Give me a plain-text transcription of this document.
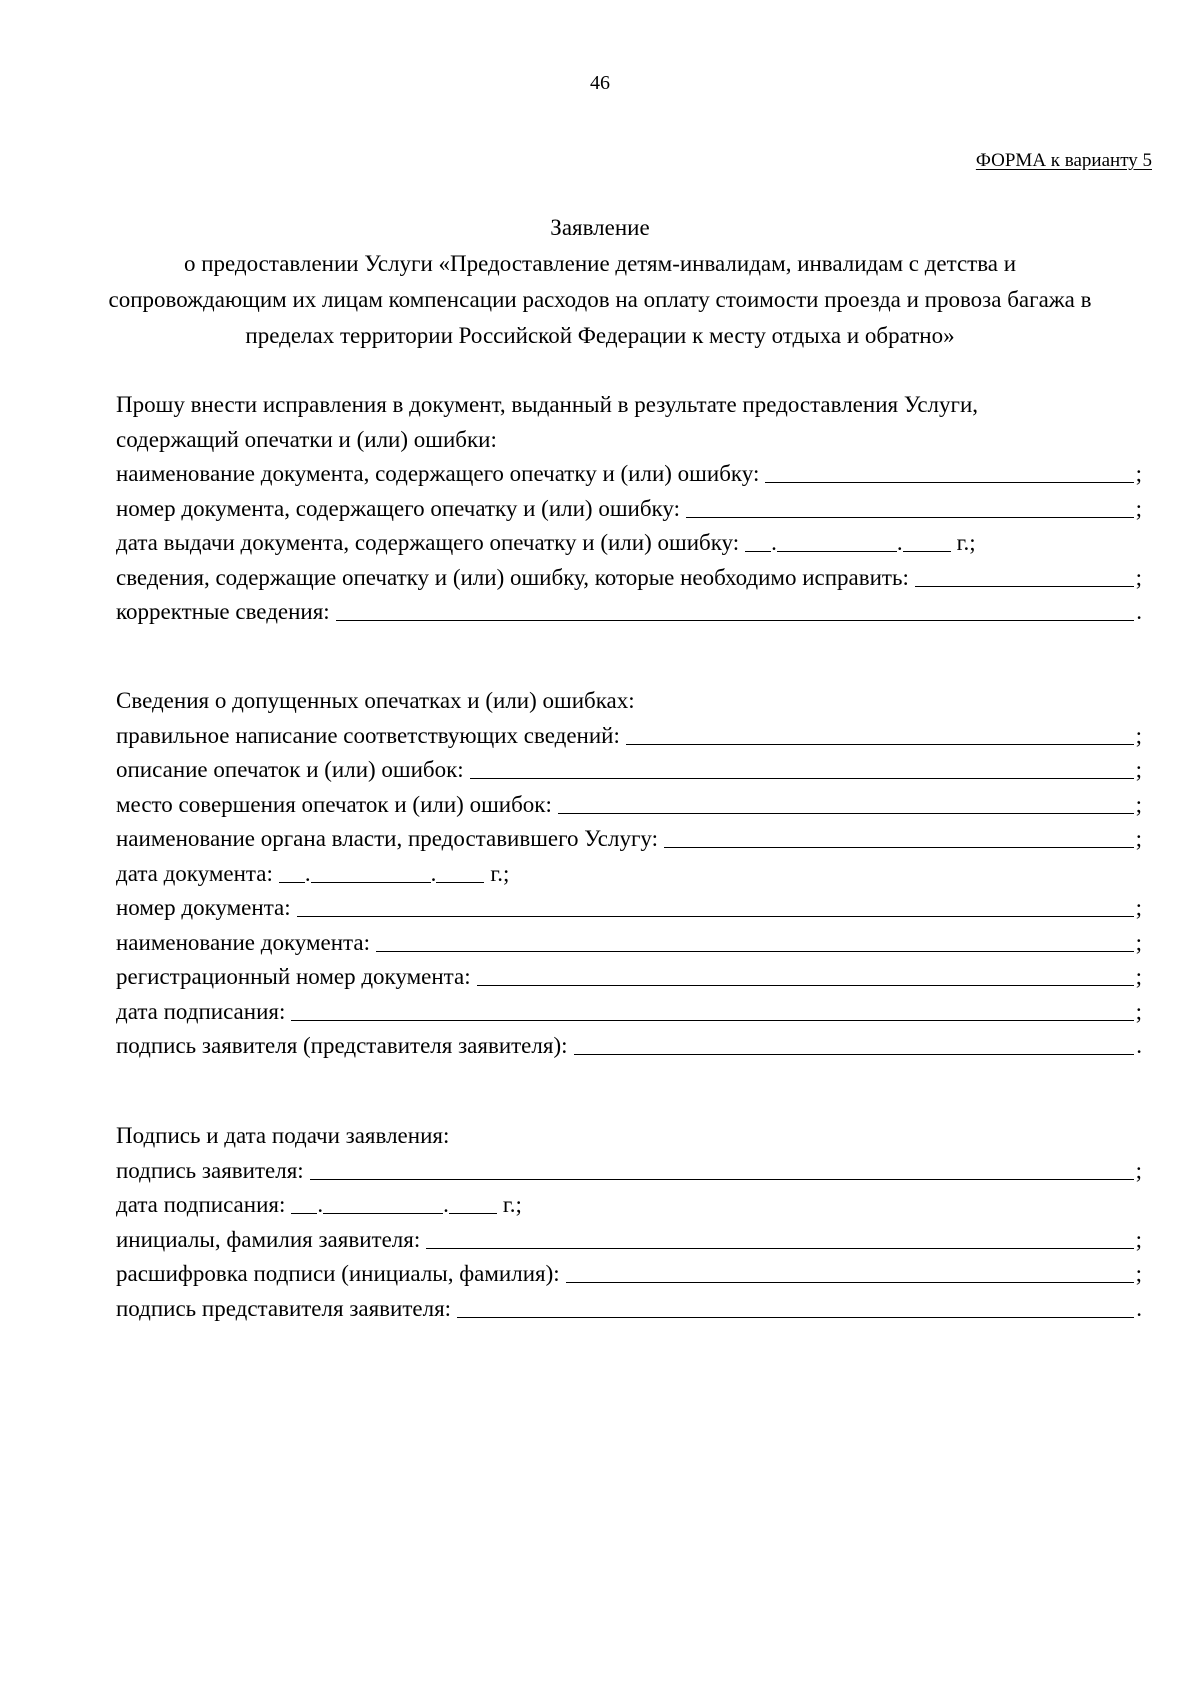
46
ФОРМА к варианту 5
Заявление
о предоставлении Услуги «Предоставление детям-инвалидам, инвалидам с детства и сопровождающим их лицам компенсации расходов на оплату стоимости проезда и провоза багажа в пределах территории Российской Федерации к месту отдыха и обратно»
Прошу внести исправления в документ, выданный в результате предоставления Услуги,
содержащий опечатки и (или) ошибки:
наименование документа, содержащего опечатку и (или) ошибку:	;
номер документа, содержащего опечатку и (или) ошибку:	;
дата выдачи документа, содержащего опечатку и (или) ошибку: .	. г.;
сведения, содержащие опечатку и (или) ошибку, которые необходимо исправить:	;
корректные сведения:	.
Сведения о допущенных опечатках и (или) ошибках:
правильное написание соответствующих сведений:	;
описание опечаток и (или) ошибок:	;
место совершения опечаток и (или) ошибок:	;
наименование органа власти, предоставившего Услугу:	;
дата документа: .	. г.;
номер документа:	;
наименование документа:	;
регистрационный номер документа:	;
дата подписания:	;
подпись заявителя (представителя заявителя):	.
Подпись и дата подачи заявления:
подпись заявителя:	;
дата подписания: .	. г.;
инициалы, фамилия заявителя:	;
расшифровка подписи (инициалы, фамилия):	;
подпись представителя заявителя:	.
